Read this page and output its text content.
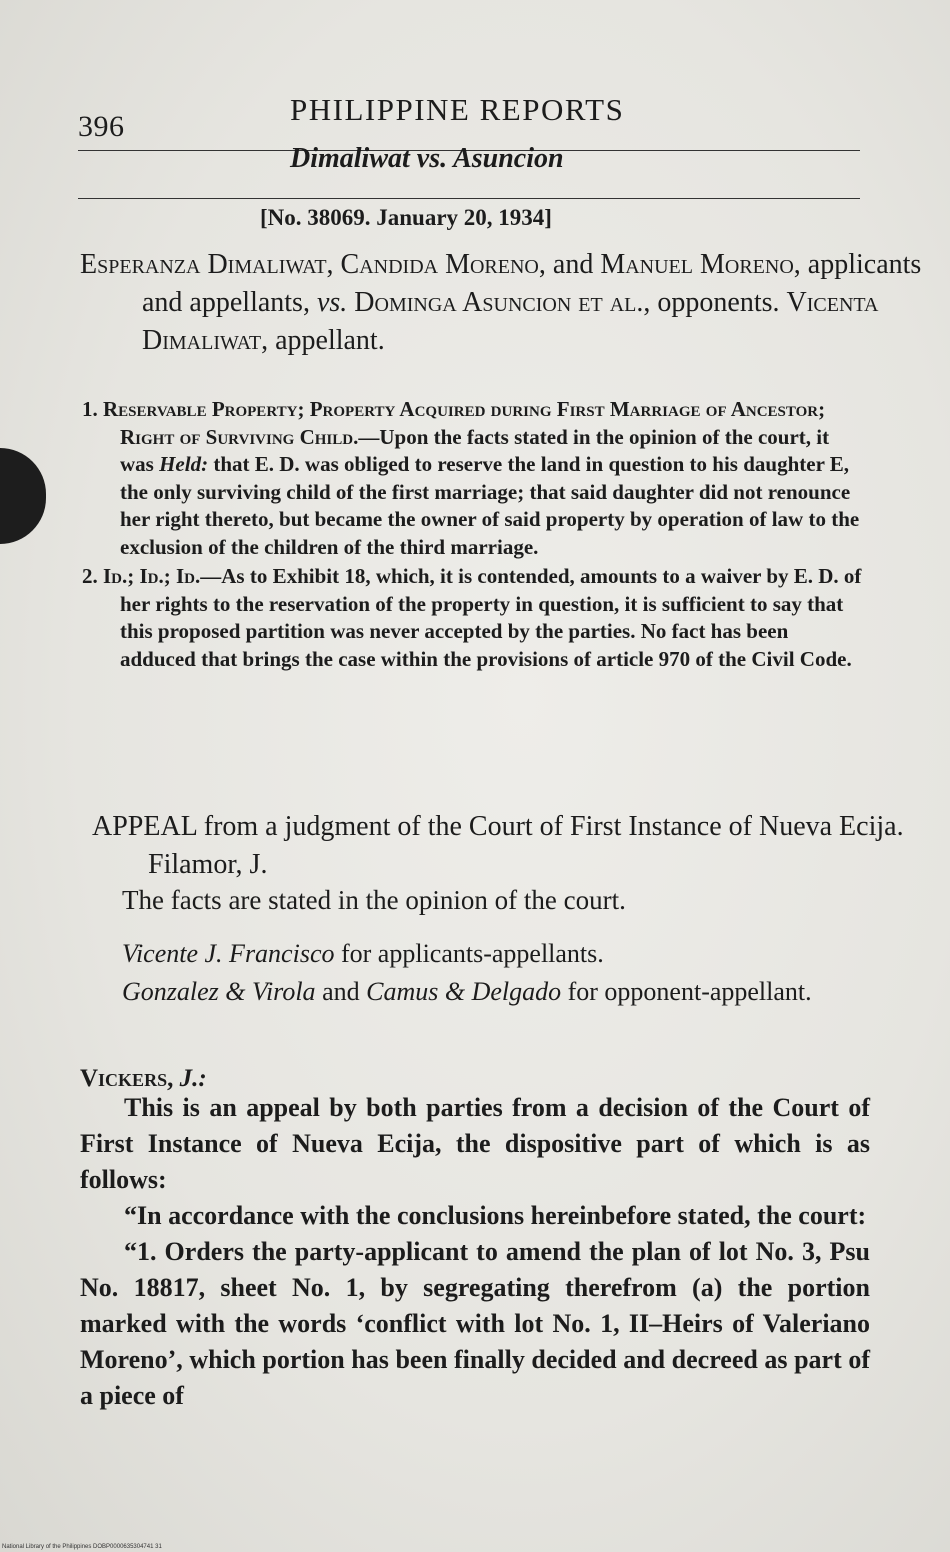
396	PHILIPPINE REPORTS
Dimaliwat vs. Asuncion
[No. 38069. January 20, 1934]
Esperanza Dimaliwat, Candida Moreno, and Manuel Moreno, applicants and appellants, vs. Dominga Asuncion et al., opponents. Vicenta Dimaliwat, appellant.
1. Reservable Property; Property Acquired during First Marriage of Ancestor; Right of Surviving Child.—Upon the facts stated in the opinion of the court, it was Held: that E. D. was obliged to reserve the land in question to his daughter E, the only surviving child of the first marriage; that said daughter did not renounce her right thereto, but became the owner of said property by operation of law to the exclusion of the children of the third marriage.
2. Id.; Id.; Id.—As to Exhibit 18, which, it is contended, amounts to a waiver by E. D. of her rights to the reservation of the property in question, it is sufficient to say that this proposed partition was never accepted by the parties. No fact has been adduced that brings the case within the provisions of article 970 of the Civil Code.
APPEAL from a judgment of the Court of First Instance of Nueva Ecija. Filamor, J.
The facts are stated in the opinion of the court.

Vicente J. Francisco for applicants-appellants.

Gonzalez & Virola and Camus & Delgado for opponent-appellant.

Vickers, J.:

This is an appeal by both parties from a decision of the Court of First Instance of Nueva Ecija, the dispositive part of which is as follows:

“In accordance with the conclusions hereinbefore stated, the court:

“1. Orders the party-applicant to amend the plan of lot No. 3, Psu No. 18817, sheet No. 1, by segregating therefrom (a) the portion marked with the words ‘conflict with lot No. 1, II–Heirs of Valeriano Moreno’, which portion has been finally decided and decreed as part of a piece of

National Library of the Philippines DOBP0000635304741 31
